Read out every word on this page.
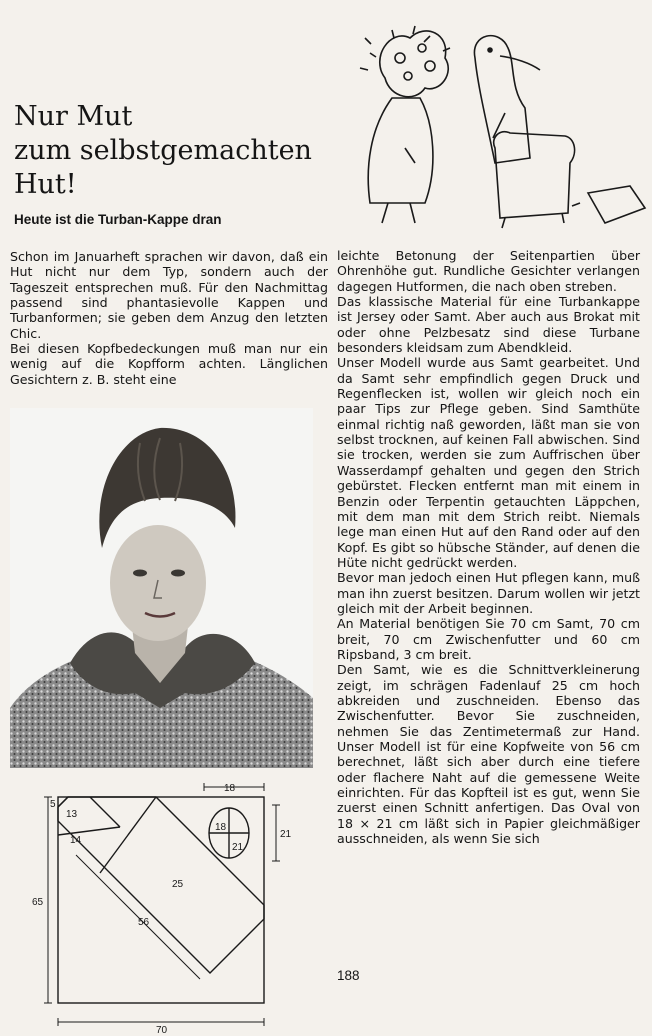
Nur Mut
zum selbstgemachten Hut!
Heute ist die Turban-Kappe dran

Schon im Januarheft sprachen wir davon, daß ein Hut nicht nur dem Typ, sondern auch der Tageszeit entsprechen muß. Für den Nachmittag passend sind phantasievolle Kappen und Turbanformen; sie geben dem Anzug den letzten Chic.

Bei diesen Kopfbedeckungen muß man nur ein wenig auf die Kopfform achten. Länglichen Gesichtern z. B. steht eine

18
21
65
70
5
13
14
25
56
18
21

leichte Betonung der Seitenpartien über Ohrenhöhe gut. Rundliche Gesichter verlangen dagegen Hutformen, die nach oben streben.

Das klassische Material für eine Turbankappe ist Jersey oder Samt. Aber auch aus Brokat mit oder ohne Pelzbesatz sind diese Turbane besonders kleidsam zum Abendkleid.

Unser Modell wurde aus Samt gearbeitet. Und da Samt sehr empfindlich gegen Druck und Regenflecken ist, wollen wir gleich noch ein paar Tips zur Pflege geben. Sind Samthüte einmal richtig naß geworden, läßt man sie von selbst trocknen, auf keinen Fall abwischen. Sind sie trocken, werden sie zum Auffrischen über Wasserdampf gehalten und gegen den Strich gebürstet. Flecken entfernt man mit einem in Benzin oder Terpentin getauchten Läppchen, mit dem man mit dem Strich reibt. Niemals lege man einen Hut auf den Rand oder auf den Kopf. Es gibt so hübsche Ständer, auf denen die Hüte nicht gedrückt werden.

Bevor man jedoch einen Hut pflegen kann, muß man ihn zuerst besitzen. Darum wollen wir jetzt gleich mit der Arbeit beginnen.

An Material benötigen Sie 70 cm Samt, 70 cm breit, 70 cm Zwischenfutter und 60 cm Ripsband, 3 cm breit.

Den Samt, wie es die Schnittverkleinerung zeigt, im schrägen Fadenlauf 25 cm hoch abkreiden und zuschneiden. Ebenso das Zwischenfutter. Bevor Sie zuschneiden, nehmen Sie das Zentimetermaß zur Hand. Unser Modell ist für eine Kopfweite von 56 cm berechnet, läßt sich aber durch eine tiefere oder flachere Naht auf die gemessene Weite einrichten. Für das Kopfteil ist es gut, wenn Sie zuerst einen Schnitt anfertigen. Das Oval von 18 × 21 cm läßt sich in Papier gleichmäßiger ausschneiden, als wenn Sie sich

188
